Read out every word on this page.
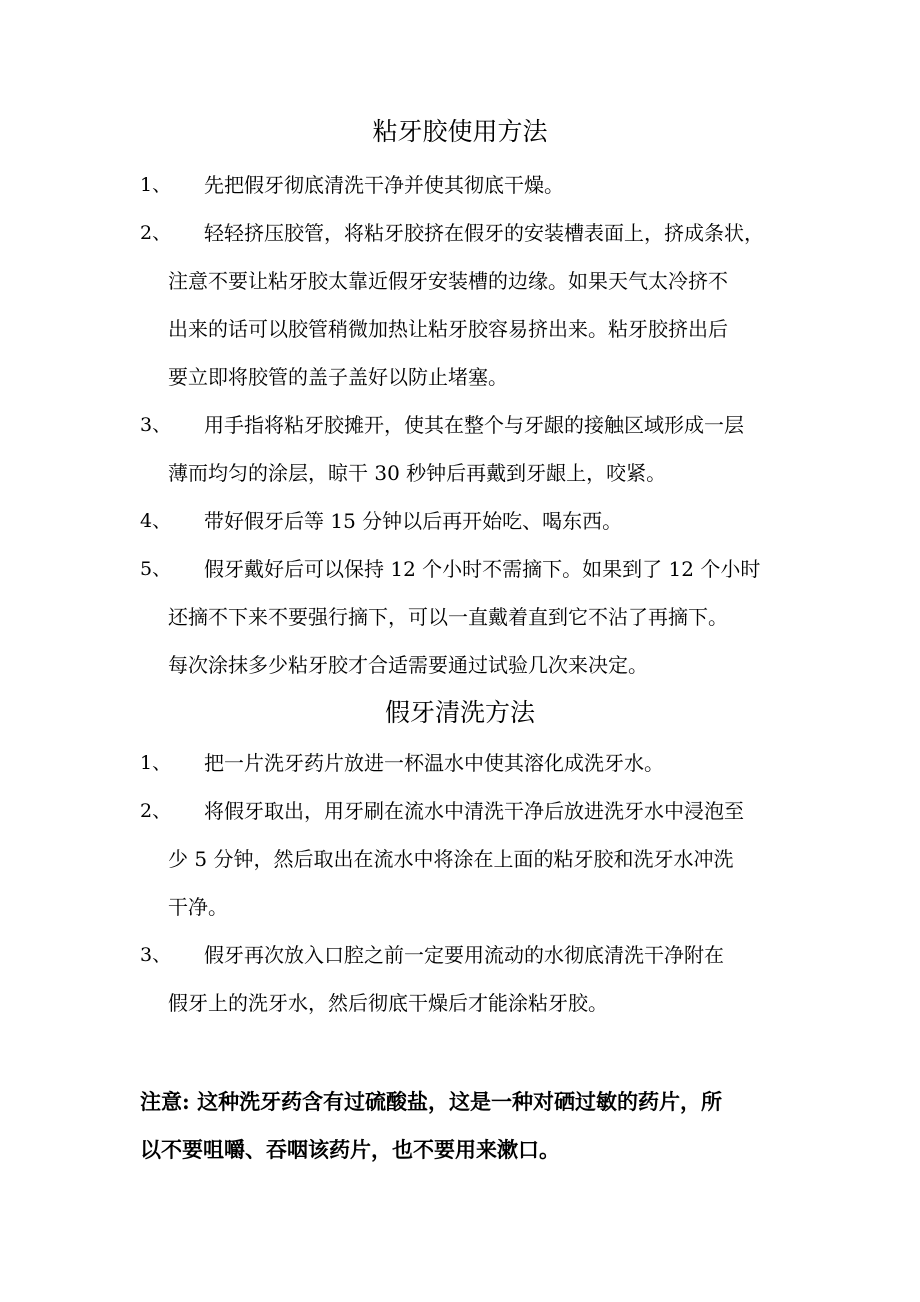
粘牙胶使用方法
1、 先把假牙彻底清洗干净并使其彻底干燥。
2、 轻轻挤压胶管，将粘牙胶挤在假牙的安装槽表面上，挤成条状，
注意不要让粘牙胶太靠近假牙安装槽的边缘。如果天气太冷挤不
出来的话可以胶管稍微加热让粘牙胶容易挤出来。粘牙胶挤出后
要立即将胶管的盖子盖好以防止堵塞。
3、 用手指将粘牙胶摊开，使其在整个与牙龈的接触区域形成一层
薄而均匀的涂层，晾干 30 秒钟后再戴到牙龈上，咬紧。
4、 带好假牙后等 15 分钟以后再开始吃、喝东西。
5、 假牙戴好后可以保持 12 个小时不需摘下。如果到了 12 个小时
还摘不下来不要强行摘下，可以一直戴着直到它不沾了再摘下。
每次涂抹多少粘牙胶才合适需要通过试验几次来决定。
假牙清洗方法
1、 把一片洗牙药片放进一杯温水中使其溶化成洗牙水。
2、 将假牙取出，用牙刷在流水中清洗干净后放进洗牙水中浸泡至
少 5 分钟，然后取出在流水中将涂在上面的粘牙胶和洗牙水冲洗
干净。
3、 假牙再次放入口腔之前一定要用流动的水彻底清洗干净附在
假牙上的洗牙水，然后彻底干燥后才能涂粘牙胶。
注意: 这种洗牙药含有过硫酸盐，这是一种对硒过敏的药片，所
以不要咀嚼、吞咽该药片，也不要用来漱口。
